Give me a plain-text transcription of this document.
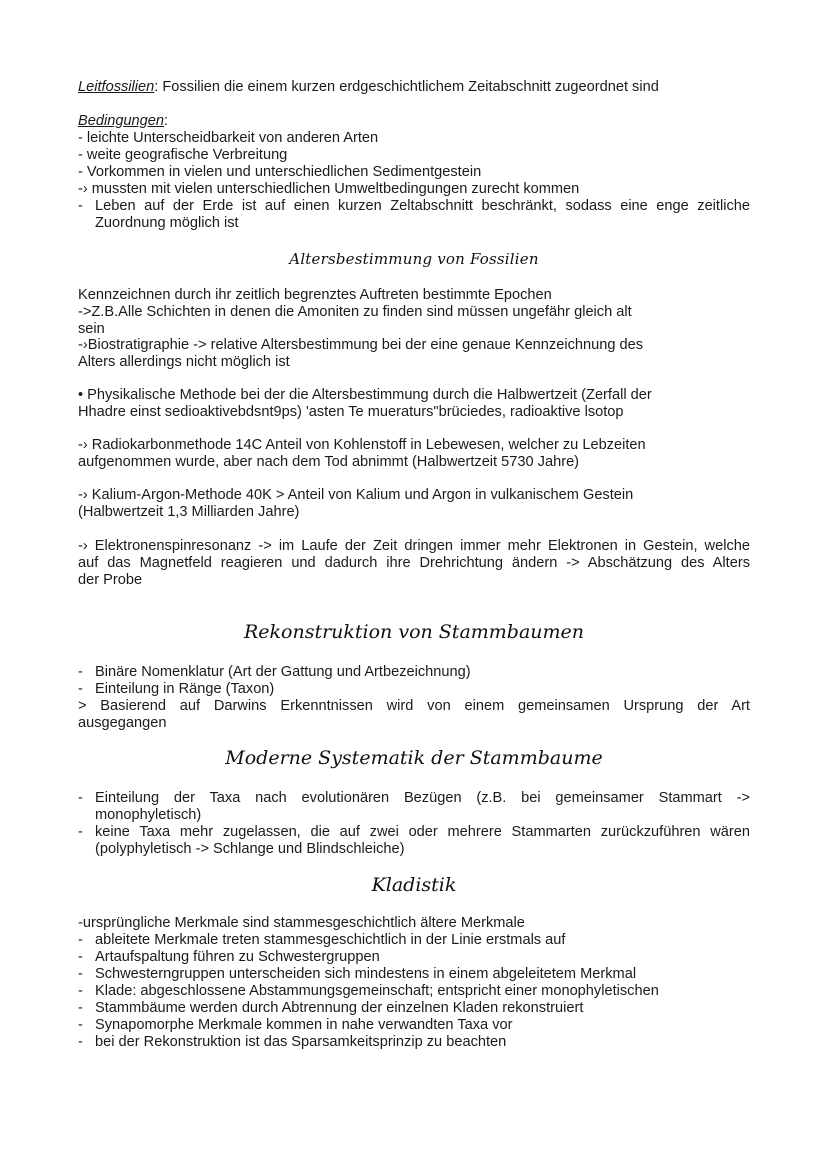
Leitfossilien: Fossilien die einem kurzen erdgeschichtlichem Zeitabschnitt zugeordnet sind

Bedingungen:

- leichte Unterscheidbarkeit von anderen Arten

- weite geografische Verbreitung

- Vorkommen in vielen und unterschiedlichen Sedimentgestein

-› mussten mit vielen unterschiedlichen Umweltbedingungen zurecht kommen

- Leben auf der Erde ist auf einen kurzen Zeltabschnitt beschränkt, sodass eine enge zeitliche

Zuordnung möglich ist

Altersbestimmung von Fossilien

Kennzeichnen durch ihr zeitlich begrenztes Auftreten bestimmte Epochen

->Z.B.Alle Schichten in denen die Amoniten zu finden sind müssen ungefähr gleich alt

sein

-›Biostratigraphie -> relative Altersbestimmung bei der eine genaue Kennzeichnung des

Alters allerdings nicht möglich ist

• Physikalische Methode bei der die Altersbestimmung durch die Halbwertzeit (Zerfall der

Hhadre einst sedioaktivebdsnt9ps) 'asten Te mueraturs"brüciedes, radioaktive lsotop

-› Radiokarbonmethode 14C Anteil von Kohlenstoff in Lebewesen, welcher zu Lebzeiten

aufgenommen wurde, aber nach dem Tod abnimmt (Halbwertzeit 5730 Jahre)

-› Kalium-Argon-Methode 40K > Anteil von Kalium und Argon in vulkanischem Gestein

(Halbwertzeit 1,3 Milliarden Jahre)

-› Elektronenspinresonanz -> im Laufe der Zeit dringen immer mehr Elektronen in Gestein, welche

auf das Magnetfeld reagieren und dadurch ihre Drehrichtung ändern -> Abschätzung des Alters

der Probe

Rekonstruktion von Stammbaumen

- Binäre Nomenklatur (Art der Gattung und Artbezeichnung)

- Einteilung in Ränge (Taxon)

> Basierend auf Darwins Erkenntnissen wird von einem gemeinsamen Ursprung der Art

ausgegangen

Moderne Systematik der Stammbaume

- Einteilung der Taxa nach evolutionären Bezügen (z.B. bei gemeinsamer Stammart ->

monophyletisch)

- keine Taxa mehr zugelassen, die auf zwei oder mehrere Stammarten zurückzuführen wären

(polyphyletisch -> Schlange und Blindschleiche)

Kladistik

-ursprüngliche Merkmale sind stammesgeschichtlich ältere Merkmale

- ableitete Merkmale treten stammesgeschichtlich in der Linie erstmals auf

- Artaufspaltung führen zu Schwestergruppen

- Schwesterngruppen unterscheiden sich mindestens in einem abgeleitetem Merkmal

- Klade: abgeschlossene Abstammungsgemeinschaft; entspricht einer monophyletischen

- Stammbäume werden durch Abtrennung der einzelnen Kladen rekonstruiert

- Synapomorphe Merkmale kommen in nahe verwandten Taxa vor

- bei der Rekonstruktion ist das Sparsamkeitsprinzip zu beachten
